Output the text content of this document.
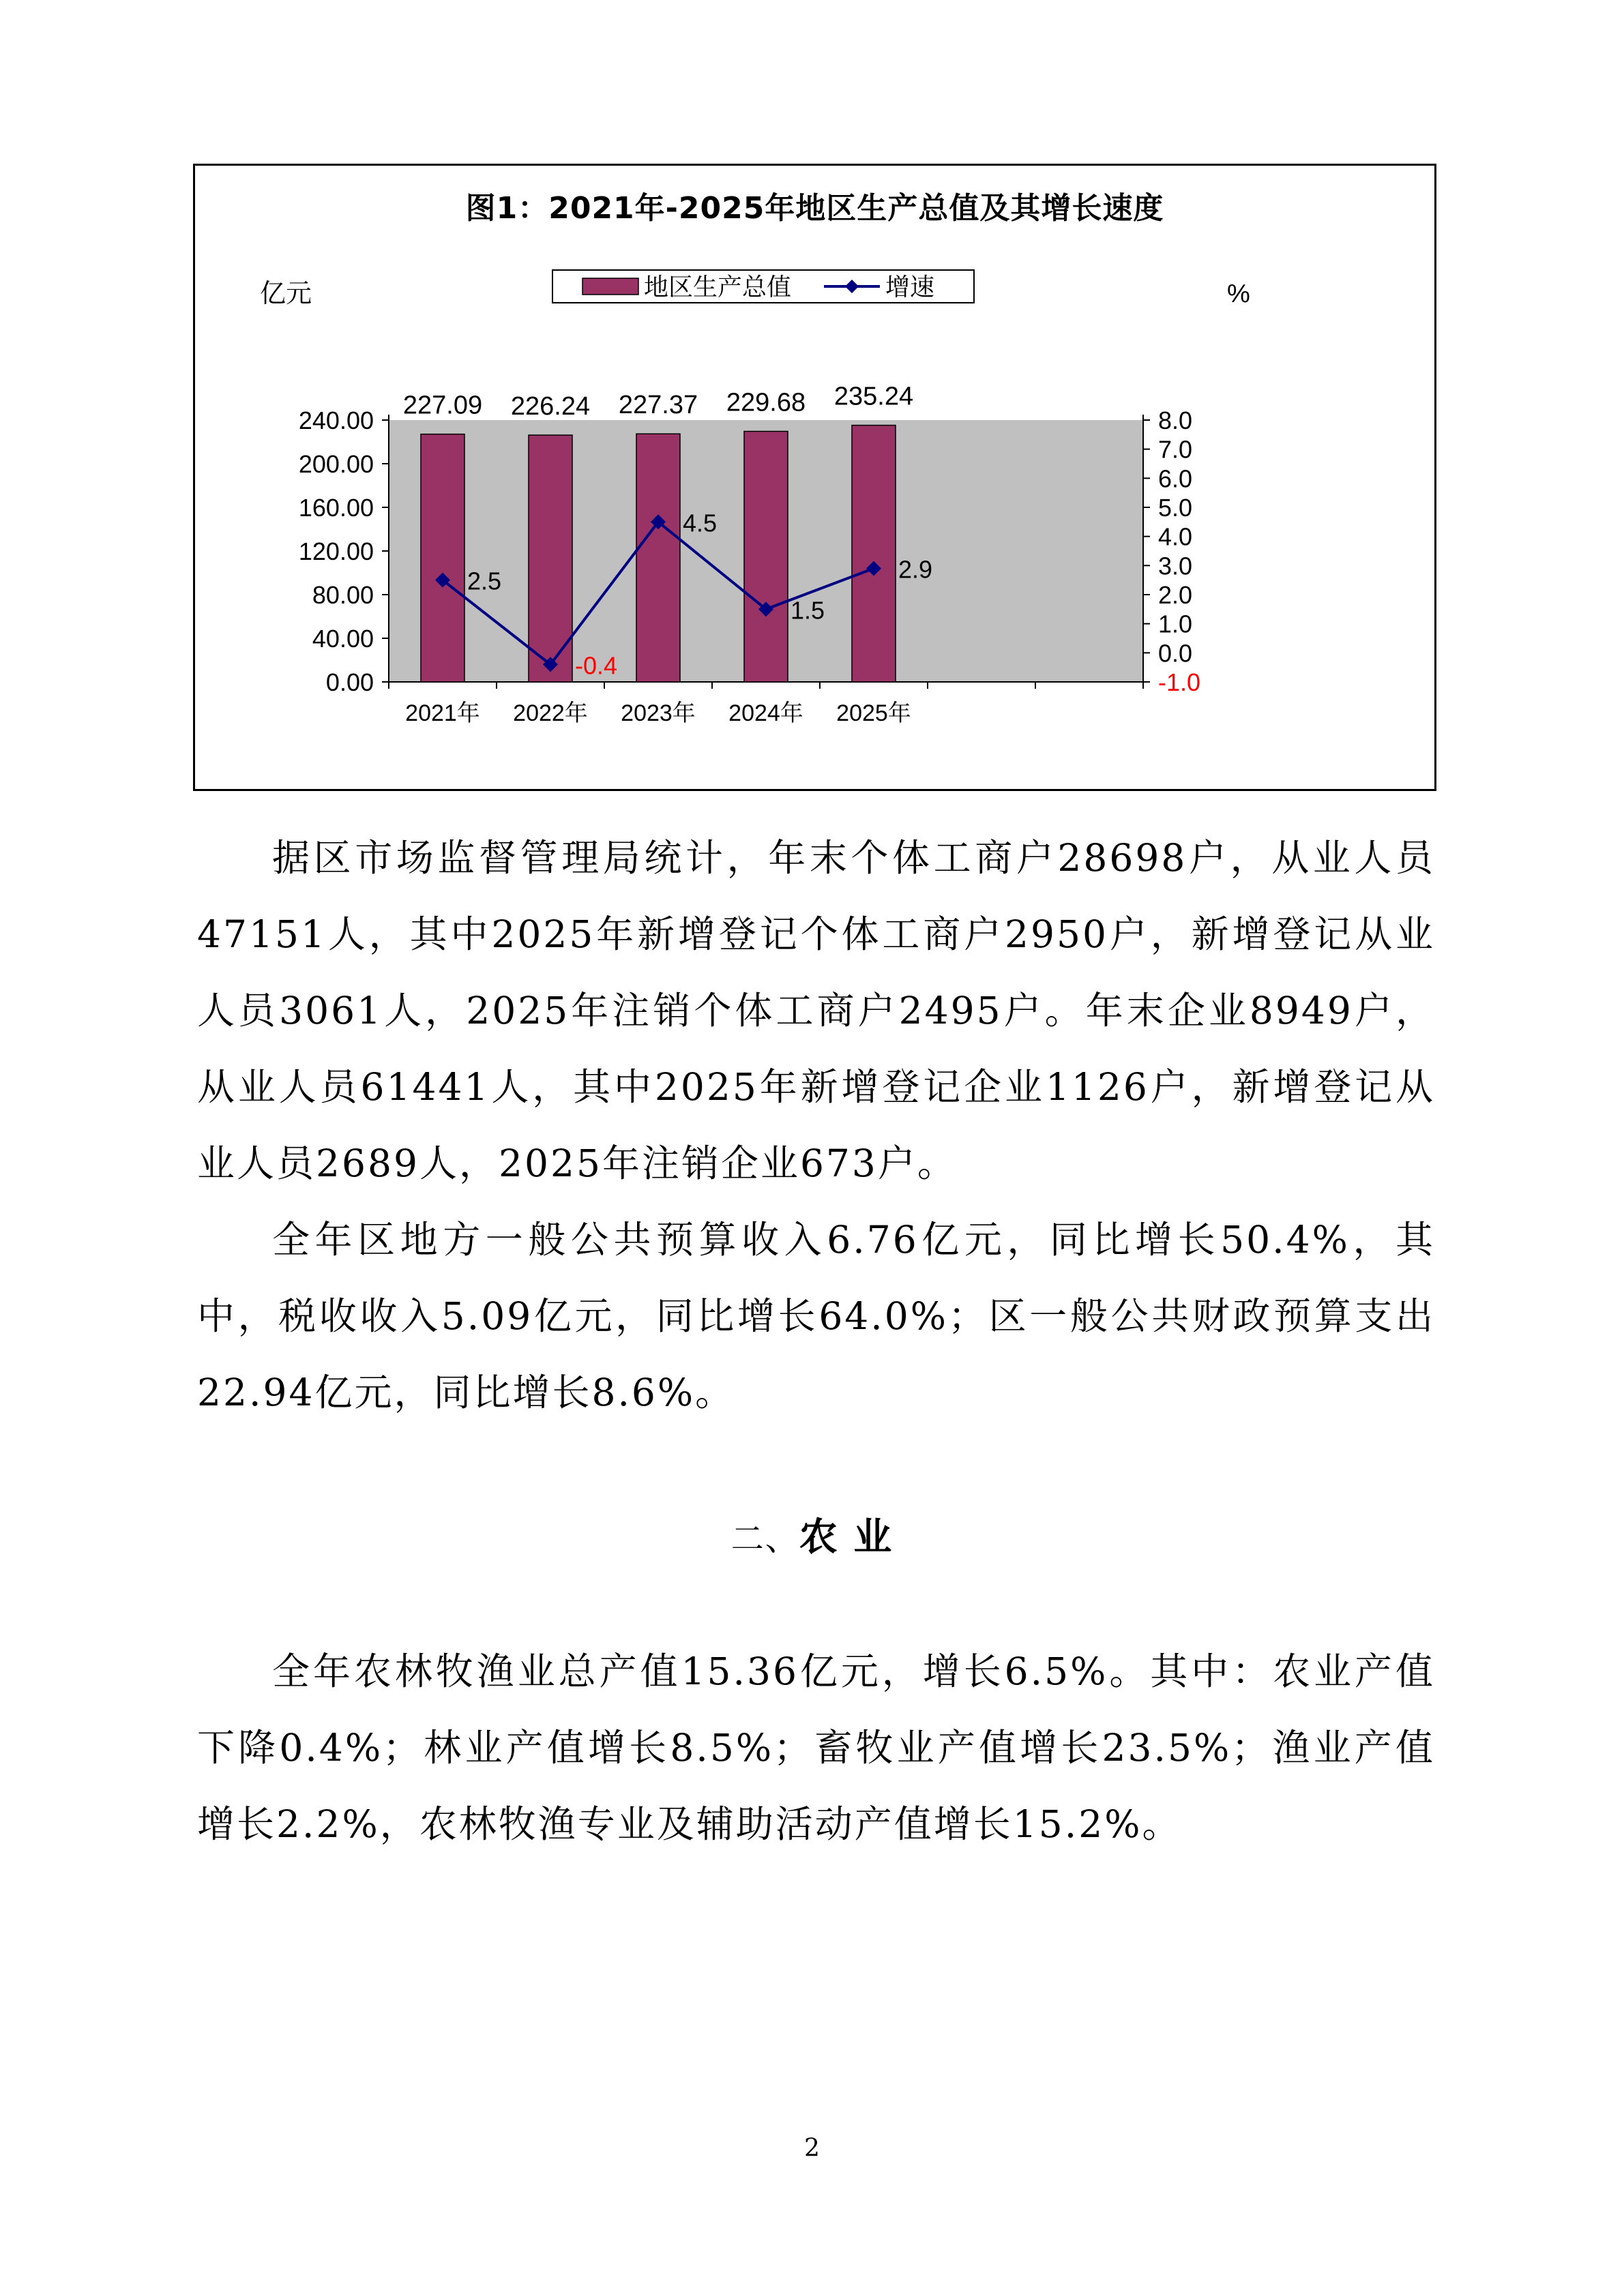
图1：2021年-2025年地区生产总值及其增长速度
0.00
40.00
80.00
120.00
160.00
200.00
240.00
-1.0
0.0
1.0
2.0
3.0
4.0
5.0
6.0
7.0
8.0
2021年 2022年 2023年 2024年 2025年
227.09 226.24 227.37 229.68 235.24
2.5
-0.4
4.5
1.5
2.9
亿元	%
地区生产总值	增速

据区市场监督管理局统计，年末个体工商户28698户，从业人员47151人，其中2025年新增登记个体工商户2950户，新增登记从业人员3061人，2025年注销个体工商户2495户。年末企业8949户，从业人员61441人，其中2025年新增登记企业1126户，新增登记从业人员2689人，2025年注销企业673户。

全年区地方一般公共预算收入6.76亿元，同比增长50.4%，其中，税收收入5.09亿元，同比增长64.0%；区一般公共财政预算支出22.94亿元，同比增长8.6%。

二、农 业

全年农林牧渔业总产值15.36亿元，增长6.5%。其中：农业产值下降0.4%；林业产值增长8.5%；畜牧业产值增长23.5%；渔业产值增长2.2%，农林牧渔专业及辅助活动产值增长15.2%。

2
